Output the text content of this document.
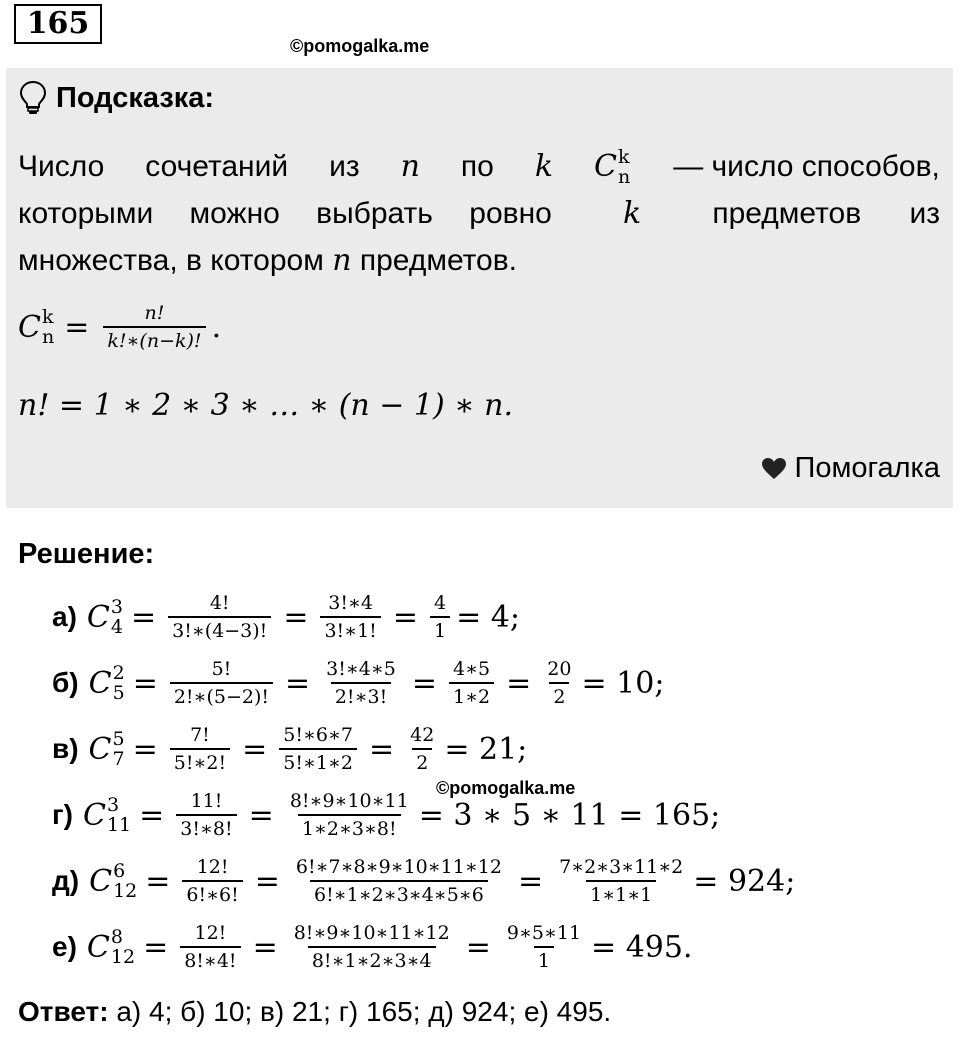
165
©pomogalka.me
Подсказка:
Число сочетаний из n по k C k
n — число способов,
которыми можно выбрать ровно k предметов из
множества, в котором n предметов.
C k
$n = \frac{n!}{k!∗(n-k)!}$ .
n! = 1 ∗ 2 ∗ 3 ∗ … ∗ (n − 1) ∗ n.
Помогалка
Решение:
а) C 3
$4 = \frac{4!}{3!∗(4-3)!} = \frac{3!∗4}{3!∗1!} = \frac{4}{1} = 4$;
б) C 2
$5 = \frac{5!}{2!∗(5-2)!} = \frac{3!∗4∗5}{2!∗3!} = \frac{4∗5}{1∗2} = \frac{20}{2} = 10$;
в) C 5
$7 = \frac{7!}{5!∗2!} = \frac{5!∗6∗7}{5!∗1∗2} = \frac{42}{2} = 21$;
г) C 3
$11 = \frac{11!}{3!∗8!} = \frac{8!∗9∗10∗11}{1∗2∗3∗8!} = 3$ ∗ 5 ∗ 11 = 165;
д) C 6
$12 = \frac{12!}{6!∗6!} = \frac{6!∗7∗8∗9∗10∗11∗12}{6!∗1∗2∗3∗4∗5∗6} = \frac{7∗2∗3∗11∗2}{1∗1∗1} = 924$;
е) C 8
$12 = \frac{12!}{8!∗4!} = \frac{8!∗9∗10∗11∗12}{8!∗1∗2∗3∗4} = \frac{9∗5∗11}{1} = 495$.
©pomogalka.me
Ответ: а) 4; б) 10; в) 21; г) 165; д) 924; е) 495.
